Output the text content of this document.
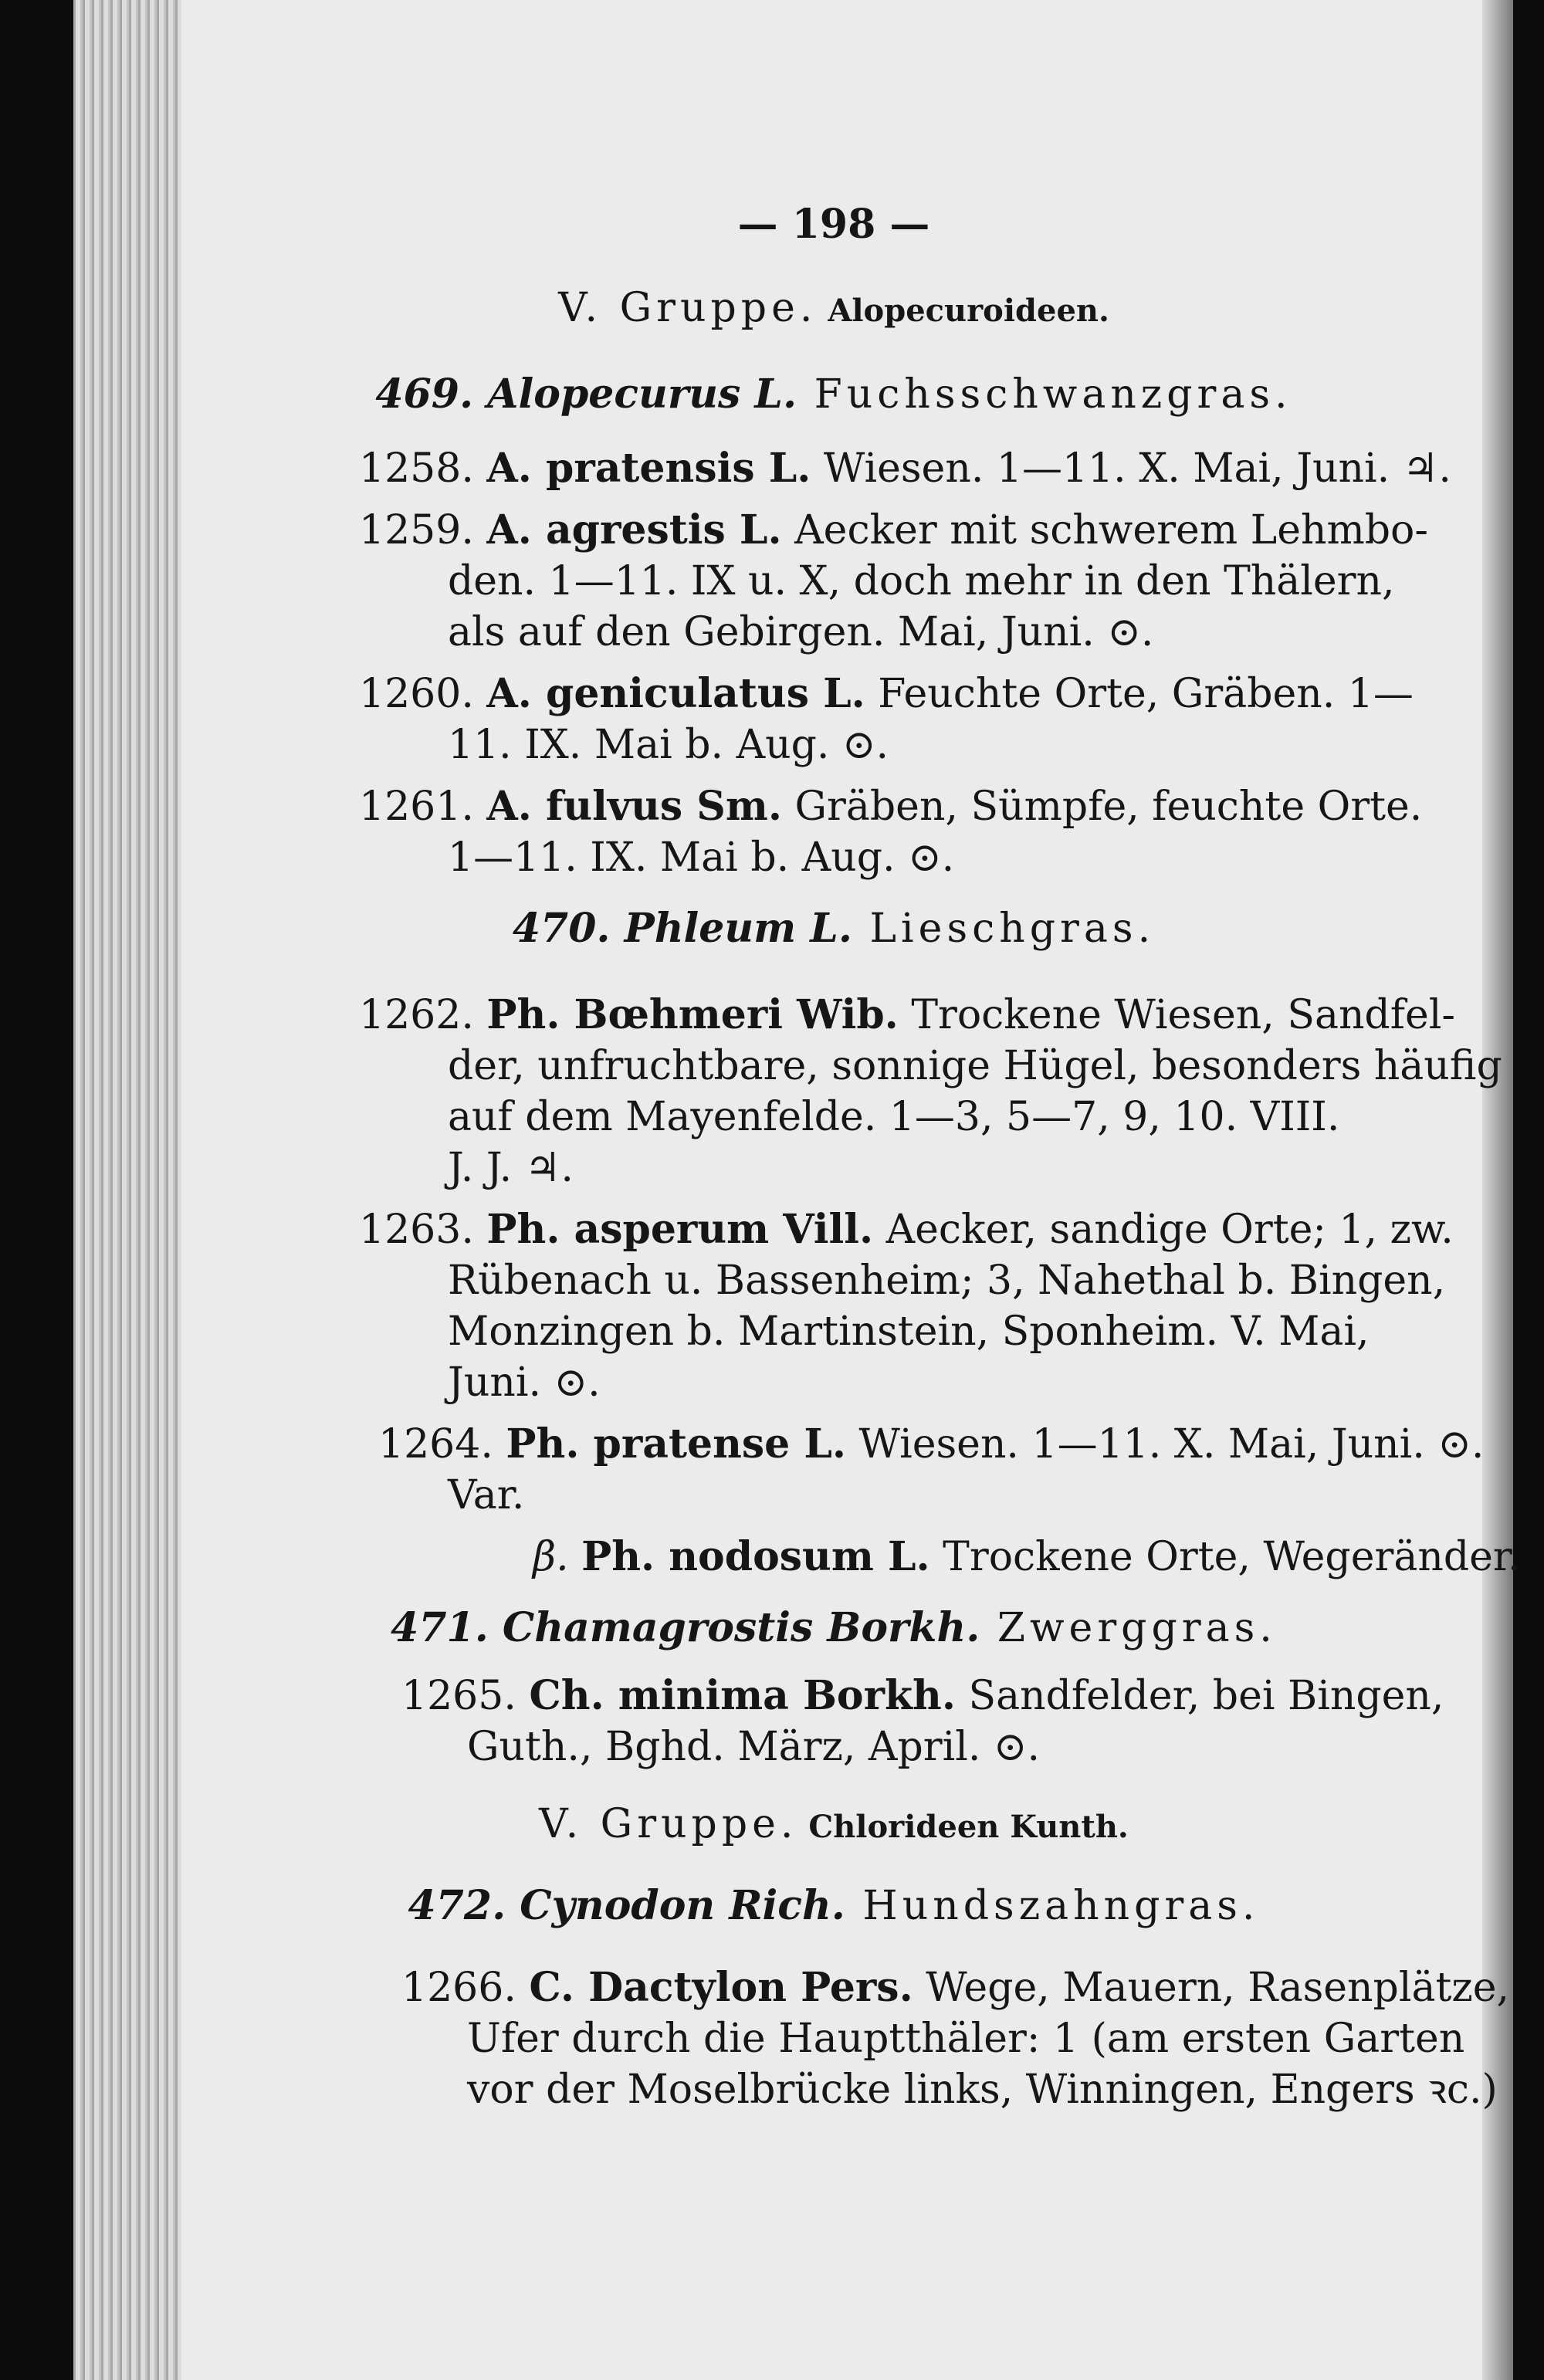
— 198 —
V. Gruppe. Alopecuroideen.
469. Alopecurus L. Fuchsschwanzgras.
1258. A. pratensis L. Wiesen. 1—11. X. Mai, Juni. ♃.
1259. A. agrestis L. Aecker mit schwerem Lehmbo-
den. 1—11. IX u. X, doch mehr in den Thälern,
als auf den Gebirgen. Mai, Juni. ⊙.
1260. A. geniculatus L. Feuchte Orte, Gräben. 1—
11. IX. Mai b. Aug. ⊙.
1261. A. fulvus Sm. Gräben, Sümpfe, feuchte Orte.
1—11. IX. Mai b. Aug. ⊙.
470. Phleum L. Lieschgras.
1262. Ph. Bœhmeri Wib. Trockene Wiesen, Sandfel-
der, unfruchtbare, sonnige Hügel, besonders häufig
auf dem Mayenfelde. 1—3, 5—7, 9, 10. VIII.
J. J. ♃.
1263. Ph. asperum Vill. Aecker, sandige Orte; 1, zw.
Rübenach u. Bassenheim; 3, Nahethal b. Bingen,
Monzingen b. Martinstein, Sponheim. V. Mai,
Juni. ⊙.
1264. Ph. pratense L. Wiesen. 1—11. X. Mai, Juni. ⊙.
Var.
β. Ph. nodosum L. Trockene Orte, Wegeränder.
471. Chamagrostis Borkh. Zwerggras.
1265. Ch. minima Borkh. Sandfelder, bei Bingen,
Guth., Bghd. März, April. ⊙.
V. Gruppe. Chlorideen Kunth.
472. Cynodon Rich. Hundszahngras.
1266. C. Dactylon Pers. Wege, Mauern, Rasenplätze,
Ufer durch die Hauptthäler: 1 (am ersten Garten
vor der Moselbrücke links, Winningen, Engers ꝛc.)
